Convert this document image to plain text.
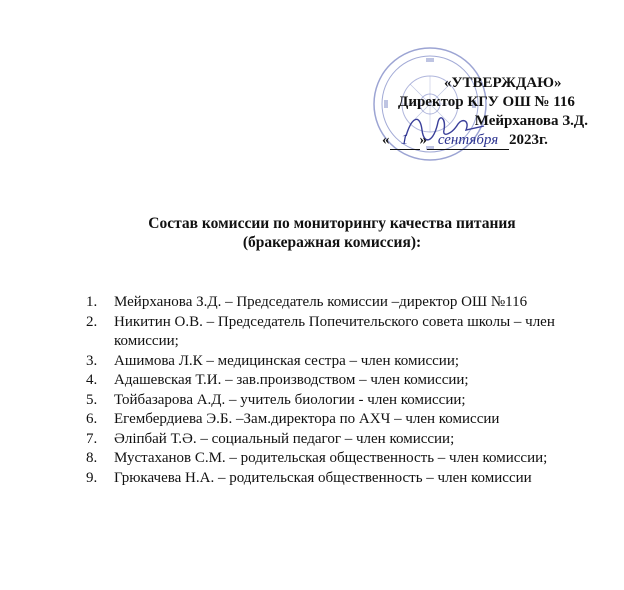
«УТВЕРЖДАЮ»
Директор КГУ ОШ № 116
Мейрханова З.Д.
« 1 » сентября 2023г.
Состав комиссии по мониторингу качества питания
(бракеражная комиссия):
1.	Мейрханова З.Д. – Председатель комиссии –директор ОШ №116
2.	Никитин О.В. – Председатель Попечительского совета школы – член комиссии;
3.	Ашимова Л.К – медицинская сестра – член комиссии;
4.	Адашевская Т.И. – зав.производством – член комиссии;
5.	Тойбазарова А.Д. – учитель биологии - член комиссии;
6.	Егембердиева Э.Б. –Зам.директора по АХЧ – член комиссии
7.	Әліпбай Т.Ә. – социальный педагог – член комиссии;
8.	Мустаханов С.М. – родительская общественность – член комиссии;
9.	Грюкачева Н.А. – родительская общественность – член комиссии
